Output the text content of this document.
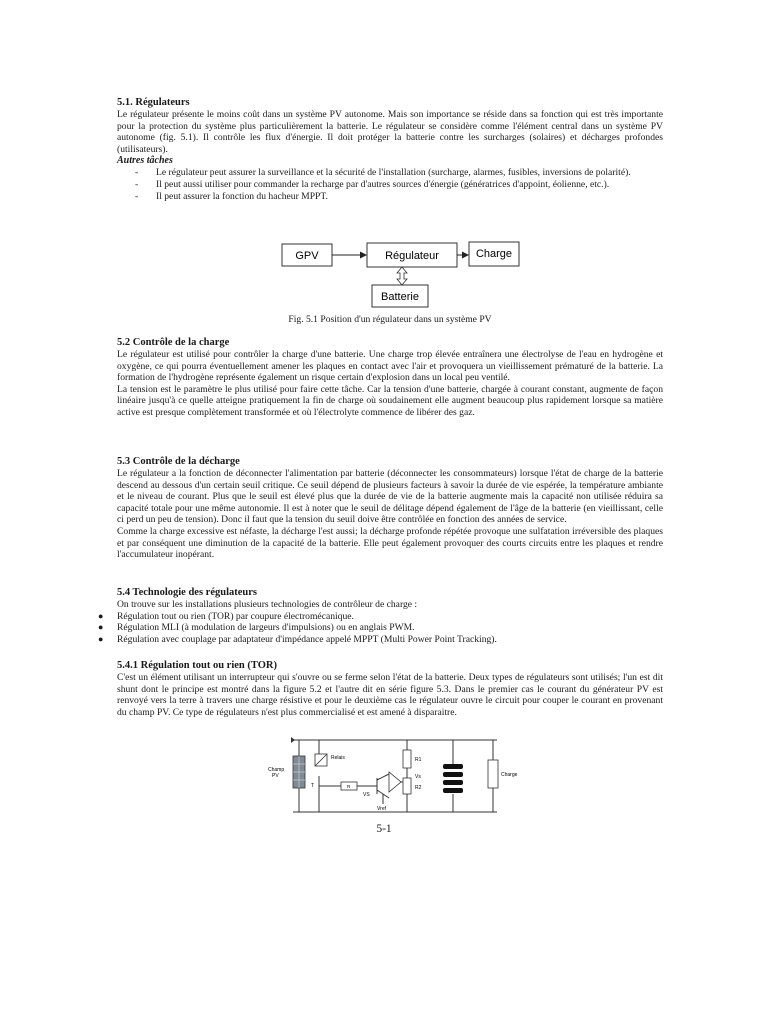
5.1. Régulateurs

Le régulateur présente le moins coût dans un système PV autonome. Mais son importance se réside dans sa fonction qui est très importante pour la protection du système plus particulièrement la batterie. Le régulateur se considère comme l'élément central dans un système PV autonome (fig. 5.1). Il contrôle les flux d'énergie. Il doit protéger la batterie contre les surcharges (solaires) et décharges profondes (utilisateurs).

Autres tâches
- Le régulateur peut assurer la surveillance et la sécurité de l'installation (surcharge, alarmes, fusibles, inversions de polarité).
- Il peut aussi utiliser pour commander la recharge par d'autres sources d'énergie (génératrices d'appoint, éolienne, etc.).
- Il peut assurer la fonction du hacheur MPPT.
GPV	Régulateur	Charge
Batterie
Fig. 5.1 Position d'un régulateur dans un système PV
5.2 Contrôle de la charge

Le régulateur est utilisé pour contrôler la charge d'une batterie. Une charge trop élevée entraînera une électrolyse de l'eau en hydrogène et oxygène, ce qui pourra éventuellement amener les plaques en contact avec l'air et provoquera un vieillissement prématuré de la batterie. La formation de l'hydrogène représente également un risque certain d'explosion dans un local peu ventilé.

La tension est le paramètre le plus utilisé pour faire cette tâche. Car la tension d'une batterie, chargée à courant constant, augmente de façon linéaire jusqu'à ce quelle atteigne pratiquement la fin de charge où soudainement elle augment beaucoup plus rapidement lorsque sa matière active est presque complètement transformée et où l'électrolyte commence de libérer des gaz.

5.3 Contrôle de la décharge

Le régulateur a la fonction de déconnecter l'alimentation par batterie (déconnecter les consommateurs) lorsque l'état de charge de la batterie descend au dessous d'un certain seuil critique. Ce seuil dépend de plusieurs facteurs à savoir la durée de vie espérée, la température ambiante et le niveau de courant. Plus que le seuil est élevé plus que la durée de vie de la batterie augmente mais la capacité non utilisée réduira sa capacité totale pour une même autonomie. Il est à noter que le seuil de délitage dépend également de l'âge de la batterie (en vieillissant, celle ci perd un peu de tension). Donc il faut que la tension du seuil doive être contrôlée en fonction des années de service.

Comme la charge excessive est néfaste, la décharge l'est aussi; la décharge profonde répétée provoque une sulfatation irréversible des plaques et par conséquent une diminution de la capacité de la batterie. Elle peut également provoquer des courts circuits entre les plaques et rendre l'accumulateur inopérant.

5.4 Technologie des régulateurs

On trouve sur les installations plusieurs technologies de contrôleur de charge :

● Régulation tout ou rien (TOR) par coupure électromécanique.
● Régulation MLI (à modulation de largeurs d'impulsions) ou en anglais PWM.
● Régulation avec couplage par adaptateur d'impédance appelé MPPT (Multi Power Point Tracking).
5.4.1 Régulation tout ou rien (TOR)

C'est un élément utilisant un interrupteur qui s'ouvre ou se ferme selon l'état de la batterie. Deux types de régulateurs sont utilisés; l'un est dit shunt dont le principe est montré dans la figure 5.2 et l'autre dit en série figure 5.3. Dans le premier cas le courant du générateur PV est renvoyé vers la terre à travers une charge résistive et pour le deuxième cas le régulateur ouvre le circuit pour couper le courant en provenant du champ PV. Ce type de régulateurs n'est plus commercialisé et est amené à disparaitre.

Champ
PV
Relais	R1
Vs
R2
T	R
VS
Vref
Charge
5-1
